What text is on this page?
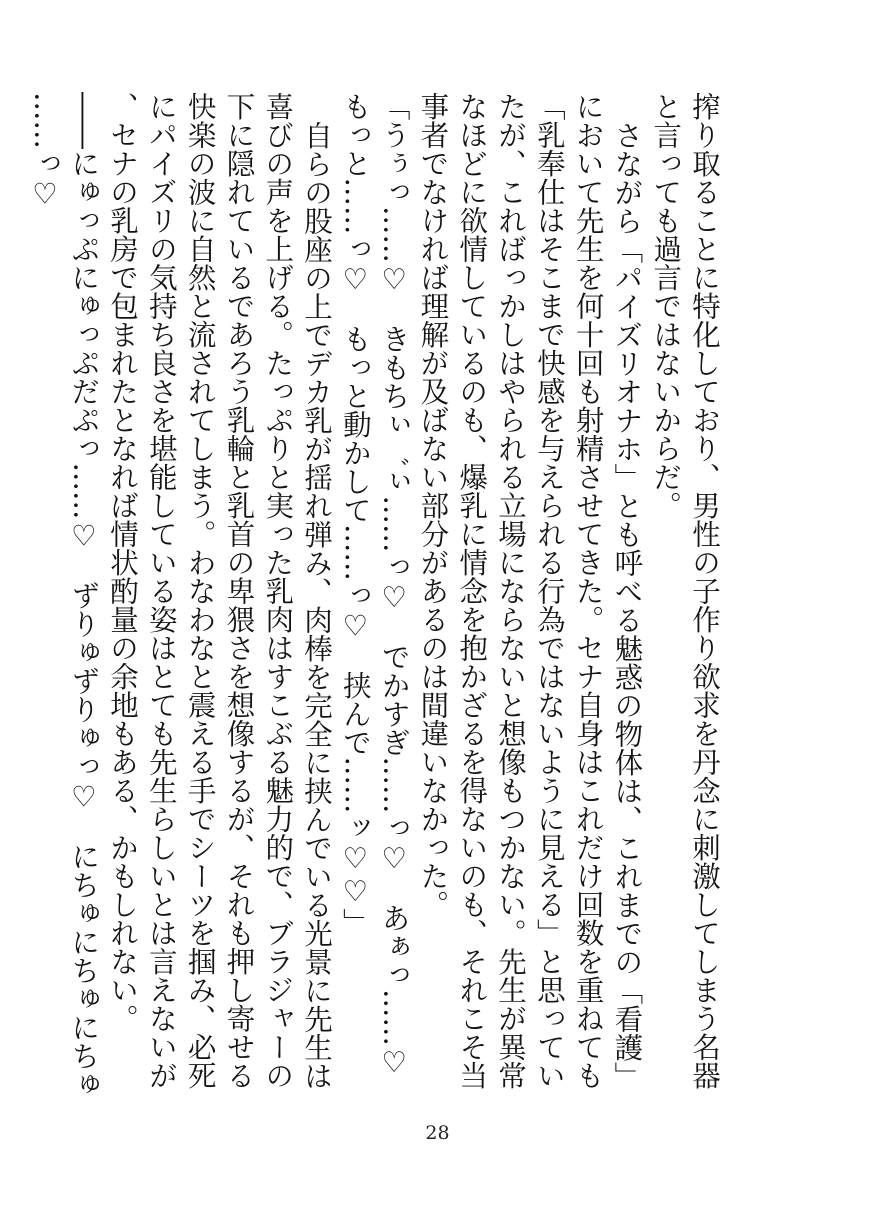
搾り取ることに特化しており、男性の子作り欲求を丹念に刺激してしまう名器と言っても過言ではないからだ。

さながら「パイズリオナホ」とも呼べる魅惑の物体は、これまでの「看護」において先生を何十回も射精させてきた。セナ自身はこれだけ回数を重ねても「乳奉仕はそこまで快感を与えられる行為ではないように見える」と思っていたが、こればっかしはやられる立場にならないと想像もつかない。先生が異常なほどに欲情しているのも、爆乳に情念を抱かざるを得ないのも、それこそ当事者でなければ理解が及ばない部分があるのは間違いなかった。

「うぅっ……♡　きもちぃ゛ぃ……っ♡　でかすぎ……っ♡　あぁっ……♡　もっと……っ♡　もっと動かして……っ♡　挟んで……ッ♡♡」

自らの股座の上でデカ乳が揺れ弾み、肉棒を完全に挟んでいる光景に先生は喜びの声を上げる。たっぷりと実った乳肉はすこぶる魅力的で、ブラジャーの下に隠れているであろう乳輪と乳首の卑猥さを想像するが、それも押し寄せる快楽の波に自然と流されてしまう。わなわなと震える手でシーツを掴み、必死にパイズリの気持ち良さを堪能している姿はとても先生らしいとは言えないが、セナの乳房で包まれたとなれば情状酌量の余地もある、かもしれない。

――にゅっぷにゅっぷだぷっ……♡　ずりゅずりゅっ♡　にちゅにちゅにちゅ……っ♡

28
